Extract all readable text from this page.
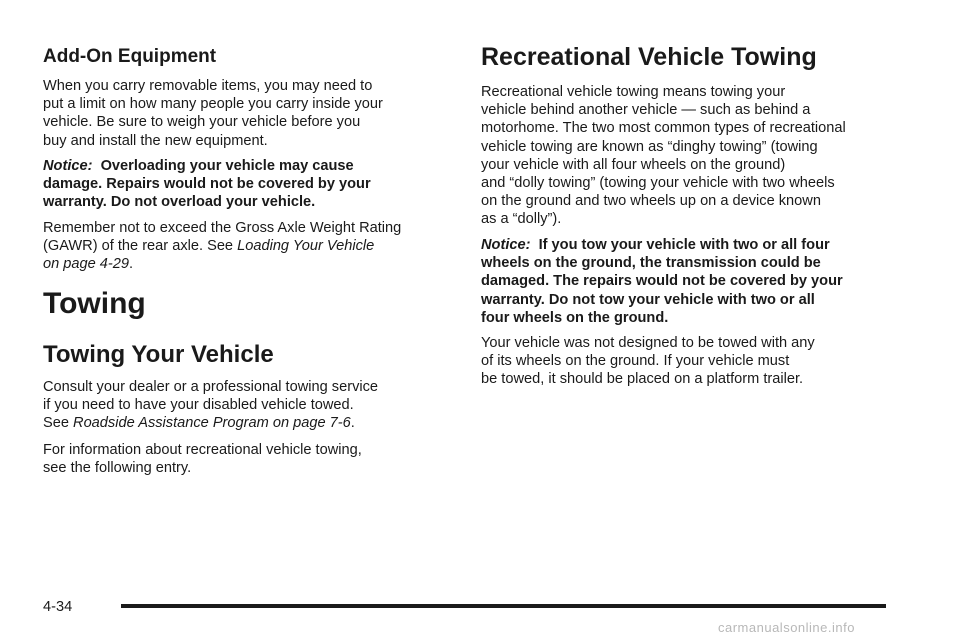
Add-On Equipment

When you carry removable items, you may need to
put a limit on how many people you carry inside your
vehicle. Be sure to weigh your vehicle before you
buy and install the new equipment.

Notice: Overloading your vehicle may cause
damage. Repairs would not be covered by your
warranty. Do not overload your vehicle.

Remember not to exceed the Gross Axle Weight Rating
(GAWR) of the rear axle. See Loading Your Vehicle
on page 4-29.

Towing
Towing Your Vehicle

Consult your dealer or a professional towing service
if you need to have your disabled vehicle towed.
See Roadside Assistance Program on page 7-6.

For information about recreational vehicle towing,
see the following entry.

Recreational Vehicle Towing

Recreational vehicle towing means towing your
vehicle behind another vehicle — such as behind a
motorhome. The two most common types of recreational
vehicle towing are known as “dinghy towing” (towing
your vehicle with all four wheels on the ground)
and “dolly towing” (towing your vehicle with two wheels
on the ground and two wheels up on a device known
as a “dolly”).

Notice: If you tow your vehicle with two or all four
wheels on the ground, the transmission could be
damaged. The repairs would not be covered by your
warranty. Do not tow your vehicle with two or all
four wheels on the ground.

Your vehicle was not designed to be towed with any
of its wheels on the ground. If your vehicle must
be towed, it should be placed on a platform trailer.

4-34
carmanualsonline.info
